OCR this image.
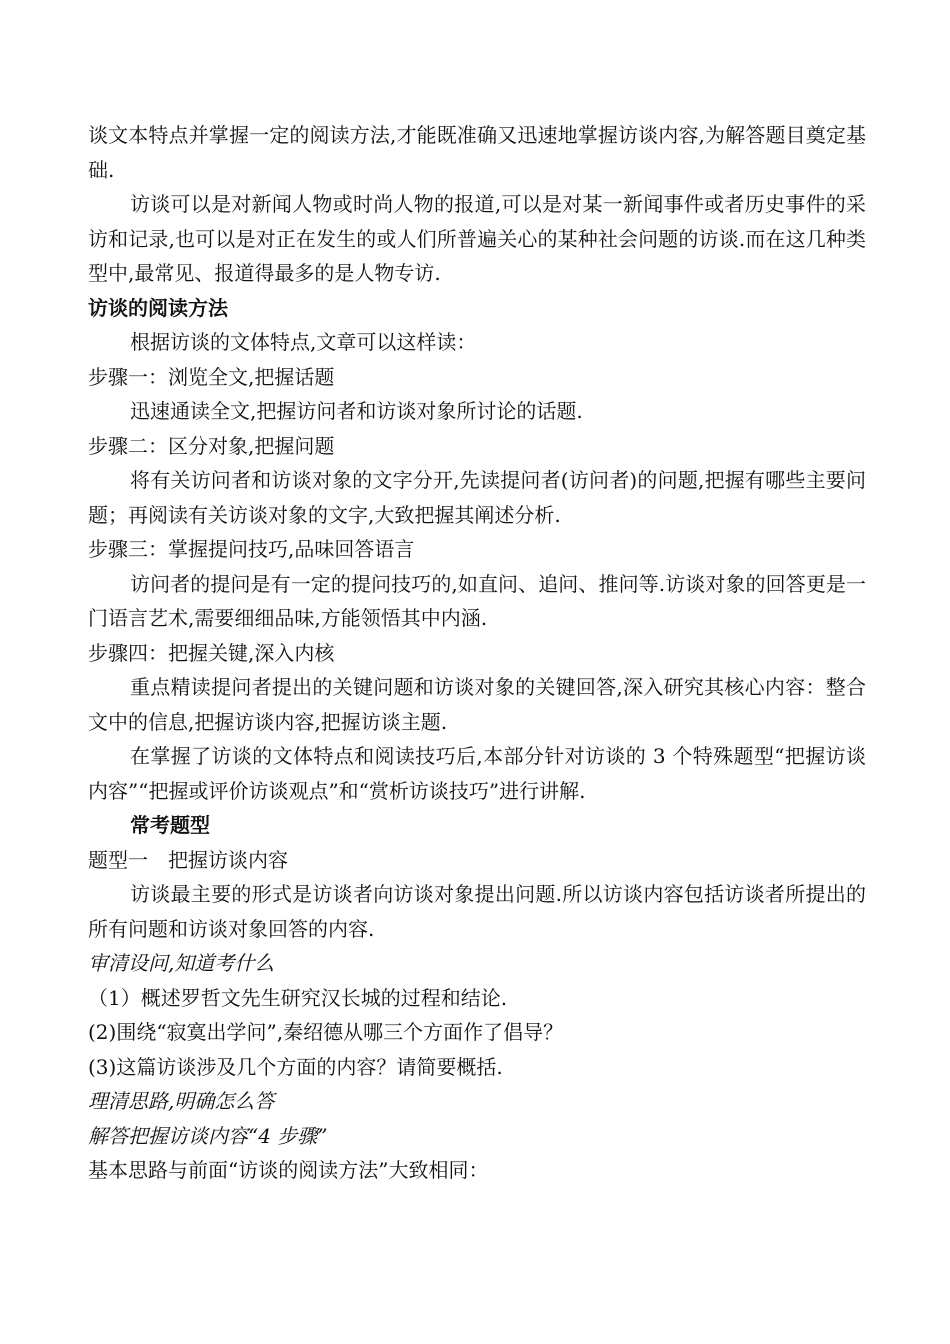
谈文本特点并掌握一定的阅读方法,才能既准确又迅速地掌握访谈内容,为解答题目奠定基础.

访谈可以是对新闻人物或时尚人物的报道,可以是对某一新闻事件或者历史事件的采访和记录,也可以是对正在发生的或人们所普遍关心的某种社会问题的访谈.而在这几种类型中,最常见、报道得最多的是人物专访.

访谈的阅读方法

根据访谈的文体特点,文章可以这样读：

步骤一：浏览全文,把握话题

迅速通读全文,把握访问者和访谈对象所讨论的话题.

步骤二：区分对象,把握问题

将有关访问者和访谈对象的文字分开,先读提问者(访问者)的问题,把握有哪些主要问题；再阅读有关访谈对象的文字,大致把握其阐述分析.

步骤三：掌握提问技巧,品味回答语言

访问者的提问是有一定的提问技巧的,如直问、追问、推问等.访谈对象的回答更是一门语言艺术,需要细细品味,方能领悟其中内涵.

步骤四：把握关键,深入内核

重点精读提问者提出的关键问题和访谈对象的关键回答,深入研究其核心内容：整合文中的信息,把握访谈内容,把握访谈主题.

在掌握了访谈的文体特点和阅读技巧后,本部分针对访谈的 3 个特殊题型“把握访谈内容”“把握或评价访谈观点”和“赏析访谈技巧”进行讲解.

常考题型

题型一　把握访谈内容

访谈最主要的形式是访谈者向访谈对象提出问题.所以访谈内容包括访谈者所提出的所有问题和访谈对象回答的内容.

审清设问,知道考什么

（1）概述罗哲文先生研究汉长城的过程和结论.

(2)围绕“寂寞出学问”,秦绍德从哪三个方面作了倡导？

(3)这篇访谈涉及几个方面的内容？请简要概括.

理清思路,明确怎么答

解答把握访谈内容“4 步骤”

基本思路与前面“访谈的阅读方法”大致相同：
